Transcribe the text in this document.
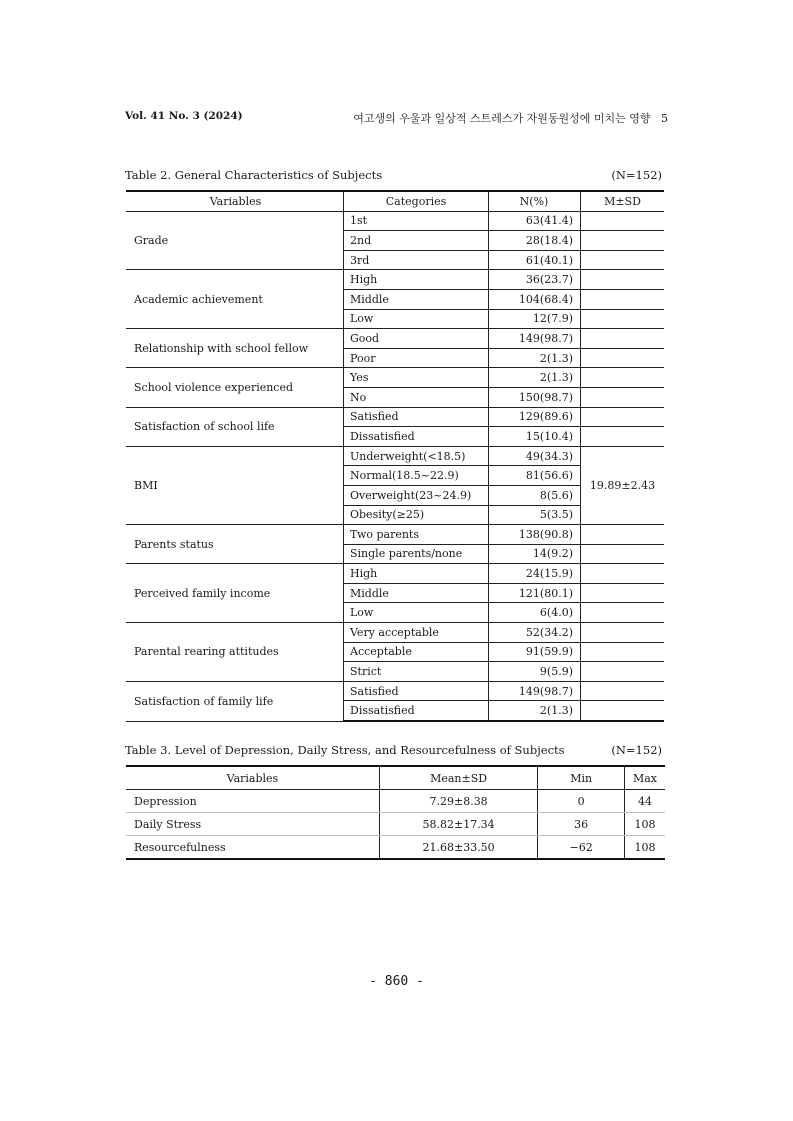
Vol. 41 No. 3 (2024)	여고생의 우울과 일상적 스트레스가 자원동원성에 미치는 영향 5
Table 2. General Characteristics of Subjects	(N=152)
Variables	Categories	N(%)	M±SD
Grade	1st	63(41.4)	
	2nd	28(18.4)	
	3rd	61(40.1)	
Academic achievement	High	36(23.7)	
	Middle	104(68.4)	
	Low	12(7.9)	
Relationship with school fellow	Good	149(98.7)	
	Poor	2(1.3)	
School violence experienced	Yes	2(1.3)	
	No	150(98.7)	
Satisfaction of school life	Satisfied	129(89.6)	
	Dissatisfied	15(10.4)	
BMI	Underweight(<18.5)	49(34.3)	19.89±2.43
	Normal(18.5~22.9)	81(56.6)	
	Overweight(23~24.9)	8(5.6)	
	Obesity(≥25)	5(3.5)	
Parents status	Two parents	138(90.8)	
	Single parents/none	14(9.2)	
Perceived family income	High	24(15.9)	
	Middle	121(80.1)	
	Low	6(4.0)	
Parental rearing attitudes	Very acceptable	52(34.2)	
	Acceptable	91(59.9)	
	Strict	9(5.9)	
Satisfaction of family life	Satisfied	149(98.7)	
	Dissatisfied	2(1.3)	
Table 3. Level of Depression, Daily Stress, and Resourcefulness of Subjects	(N=152)
Variables	Mean±SD	Min	Max
Depression	7.29±8.38	0	44
Daily Stress	58.82±17.34	36	108
Resourcefulness	21.68±33.50	−62	108
- 860 -
